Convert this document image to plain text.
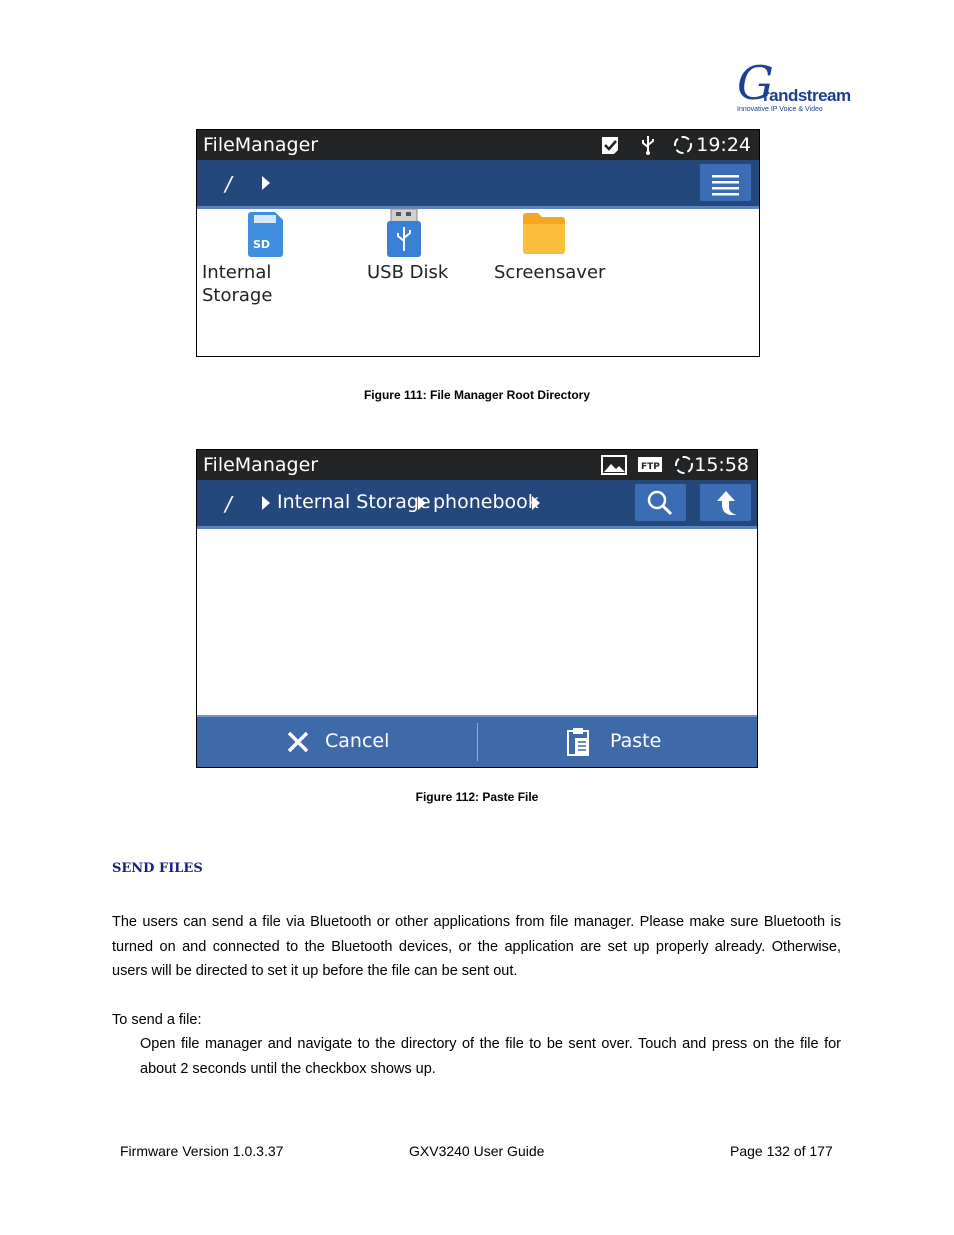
G
randstream
Innovative IP Voice & Video
FileManager	19:24
/
SD
Internal
Storage
USB Disk	Screensaver
Figure 111: File Manager Root Directory
FileManager	FTP 15:58
/ Internal Storage phonebook
Cancel	Paste
Figure 112: Paste File
SEND FILES
The users can send a file via Bluetooth or other applications from file manager. Please make sure Bluetooth is turned on and connected to the Bluetooth devices, or the application are set up properly already. Otherwise, users will be directed to set it up before the file can be sent out.
To send a file:
Open file manager and navigate to the directory of the file to be sent over. Touch and press on the file for about 2 seconds until the checkbox shows up.
Firmware Version 1.0.3.37	GXV3240 User Guide	Page 132 of 177
